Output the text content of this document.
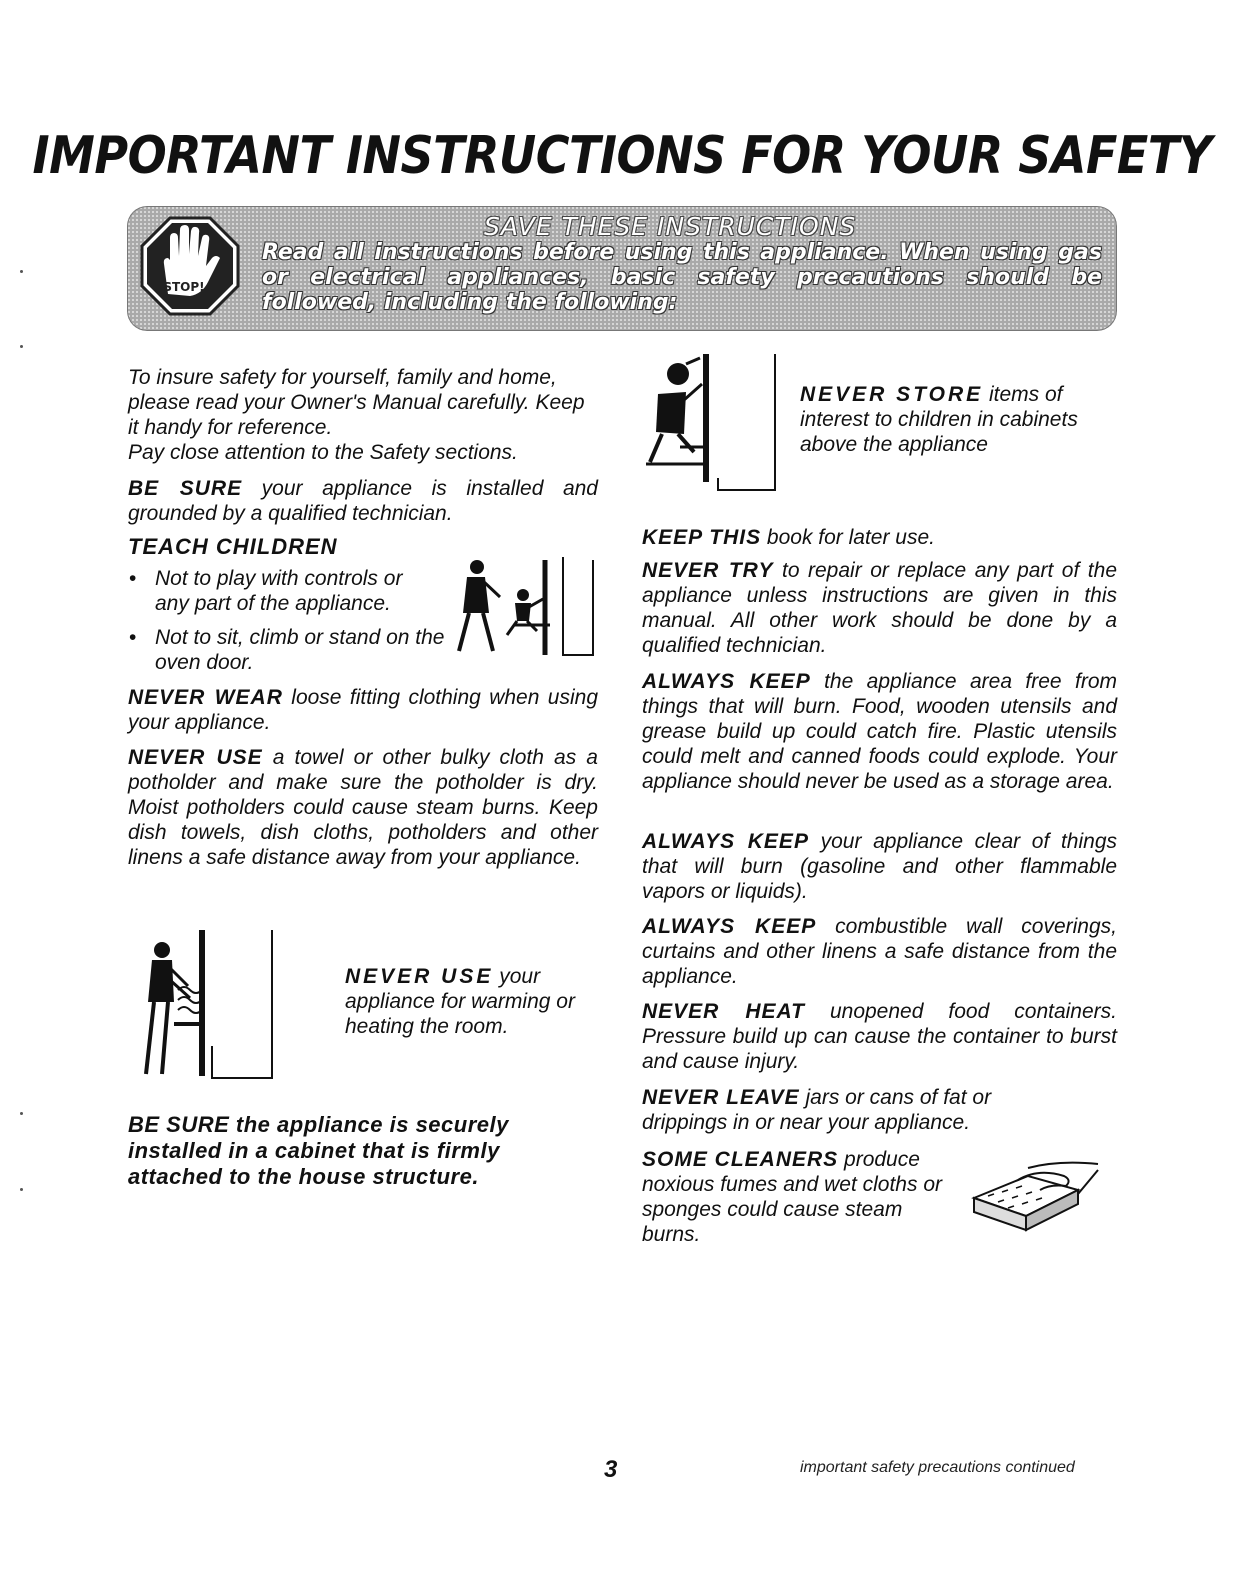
IMPORTANT INSTRUCTIONS FOR YOUR SAFETY
STOP!
SAVE THESE INSTRUCTIONS
Read all instructions before using this appliance. When using gas or electrical appliances, basic safety precautions should be followed, including the following:

To insure safety for yourself, family and home, please read your Owner's Manual carefully. Keep it handy for reference.
Pay close attention to the Safety sections.

BE SURE your appliance is installed and grounded by a qualified technician.

TEACH CHILDREN
• Not to play with controls or any part of the appliance.
• Not to sit, climb or stand on the oven door.

NEVER WEAR loose fitting clothing when using your appliance.

NEVER USE a towel or other bulky cloth as a potholder and make sure the potholder is dry. Moist potholders could cause steam burns. Keep dish towels, dish cloths, potholders and other linens a safe distance away from your appliance.

NEVER USE your appliance for warming or heating the room.

BE SURE the appliance is securely installed in a cabinet that is firmly attached to the house structure.

NEVER STORE items of interest to children in cabinets above the appliance

KEEP THIS book for later use.

NEVER TRY to repair or replace any part of the appliance unless instructions are given in this manual. All other work should be done by a qualified technician.

ALWAYS KEEP the appliance area free from things that will burn. Food, wooden utensils and grease build up could catch fire. Plastic utensils could melt and canned foods could explode. Your appliance should never be used as a storage area.

ALWAYS KEEP your appliance clear of things that will burn (gasoline and other flammable vapors or liquids).

ALWAYS KEEP combustible wall coverings, curtains and other linens a safe distance from the appliance.

NEVER HEAT unopened food containers. Pressure build up can cause the container to burst and cause injury.

NEVER LEAVE jars or cans of fat or drippings in or near your appliance.

SOME CLEANERS produce noxious fumes and wet cloths or sponges could cause steam burns.

3	important safety precautions continued
